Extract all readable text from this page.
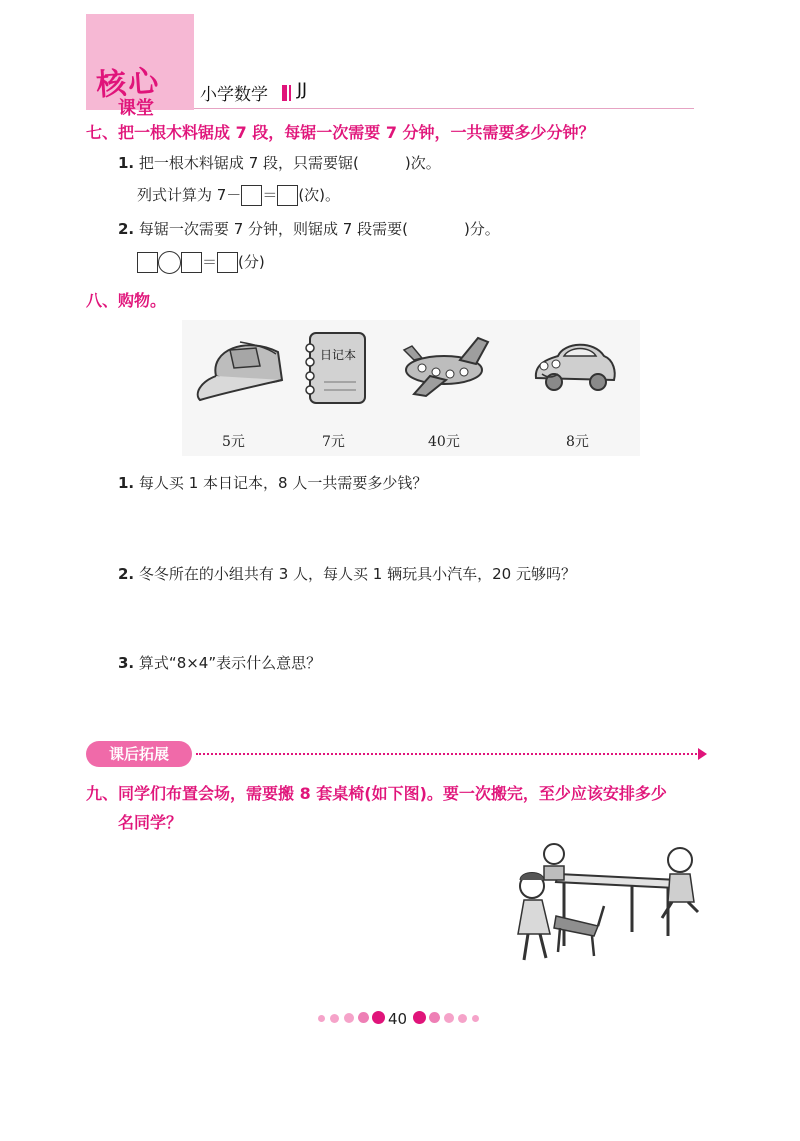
核心
课堂
小学数学 JJ
七、把一根木料锯成 7 段，每锯一次需要 7 分钟，一共需要多少分钟？
1. 把一根木料锯成 7 段，只需要锯(	)次。
列式计算为 7－ ＝ (次)。
2. 每锯一次需要 7 分钟，则锯成 7 段需要(	)分。
＝ (分)
八、购物。
日记本
5元	7元	40元	8元
1. 每人买 1 本日记本，8 人一共需要多少钱？
2. 冬冬所在的小组共有 3 人，每人买 1 辆玩具小汽车，20 元够吗？
3. 算式“8×4”表示什么意思？
课后拓展
九、同学们布置会场，需要搬 8 套桌椅(如下图)。要一次搬完，至少应该安排多少
名同学？
40
